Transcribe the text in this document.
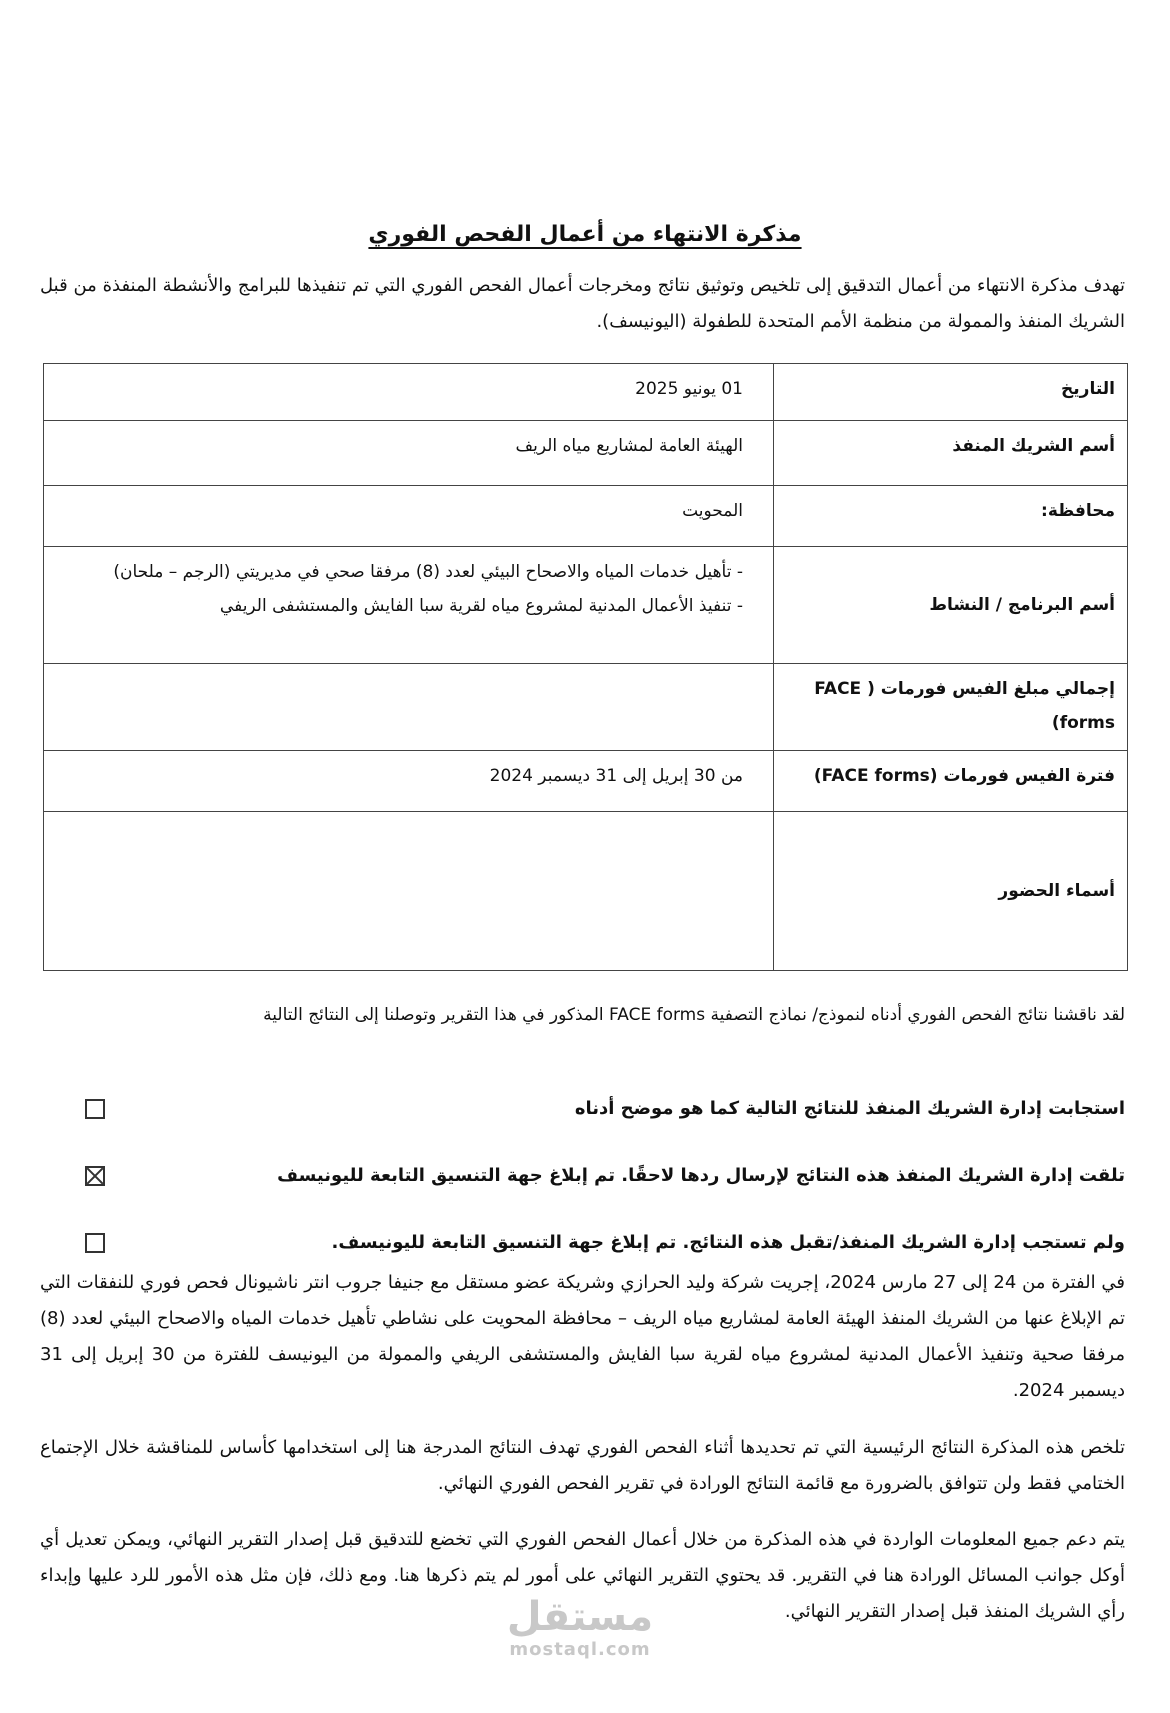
مذكرة الانتهاء من أعمال الفحص الفوري
تهدف مذكرة الانتهاء من أعمال التدقيق إلى تلخيص وتوثيق نتائج ومخرجات أعمال الفحص الفوري التي تم تنفيذها للبرامج والأنشطة المنفذة من قبل الشريك المنفذ والممولة من منظمة الأمم المتحدة للطفولة (اليونيسف).
التاريخ	01 يونيو 2025
أسم الشريك المنفذ	الهيئة العامة لمشاريع مياه الريف
محافظة:	المحويت
أسم البرنامج / النشاط	- تأهيل خدمات المياه والاصحاح البيئي لعدد (8) مرفقا صحي في مديريتي (الرجم – ملحان)
- تنفيذ الأعمال المدنية لمشروع مياه لقرية سبا الفايش والمستشفى الريفي

إجمالي مبلغ الفيس فورمات ( FACE forms)	
فترة الفيس فورمات (FACE forms)	من 30 إبريل إلى 31 ديسمبر 2024
أسماء الحضور	
لقد ناقشنا نتائج الفحص الفوري أدناه لنموذج/ نماذج التصفية FACE forms المذكور في هذا التقرير وتوصلنا إلى النتائج التالية
استجابت إدارة الشريك المنفذ للنتائج التالية كما هو موضح أدناه
تلقت إدارة الشريك المنفذ هذه النتائج لإرسال ردها لاحقًا. تم إبلاغ جهة التنسيق التابعة لليونيسف
ولم تستجب إدارة الشريك المنفذ/تقبل هذه النتائج. تم إبلاغ جهة التنسيق التابعة لليونيسف.
في الفترة من 24 إلى 27 مارس 2024، إجريت شركة وليد الحرازي وشريكة عضو مستقل مع جنيفا جروب انتر ناشيونال فحص فوري للنفقات التي تم الإبلاغ عنها من الشريك المنفذ الهيئة العامة لمشاريع مياه الريف – محافظة المحويت على نشاطي تأهيل خدمات المياه والاصحاح البيئي لعدد (8) مرفقا صحية وتنفيذ الأعمال المدنية لمشروع مياه لقرية سبا الفايش والمستشفى الريفي والممولة من اليونيسف للفترة من 30 إبريل إلى 31 ديسمبر 2024.
تلخص هذه المذكرة النتائج الرئيسية التي تم تحديدها أثناء الفحص الفوري تهدف النتائج المدرجة هنا إلى استخدامها كأساس للمناقشة خلال الإجتماع الختامي فقط ولن تتوافق بالضرورة مع قائمة النتائج الورادة في تقرير الفحص الفوري النهائي.
يتم دعم جميع المعلومات الواردة في هذه المذكرة من خلال أعمال الفحص الفوري التي تخضع للتدقيق قبل إصدار التقرير النهائي، ويمكن تعديل أي أوكل جوانب المسائل الورادة هنا في التقرير. قد يحتوي التقرير النهائي على أمور لم يتم ذكرها هنا. ومع ذلك، فإن مثل هذه الأمور للرد عليها وإبداء رأي الشريك المنفذ قبل إصدار التقرير النهائي.
مستقل
mostaql.com
